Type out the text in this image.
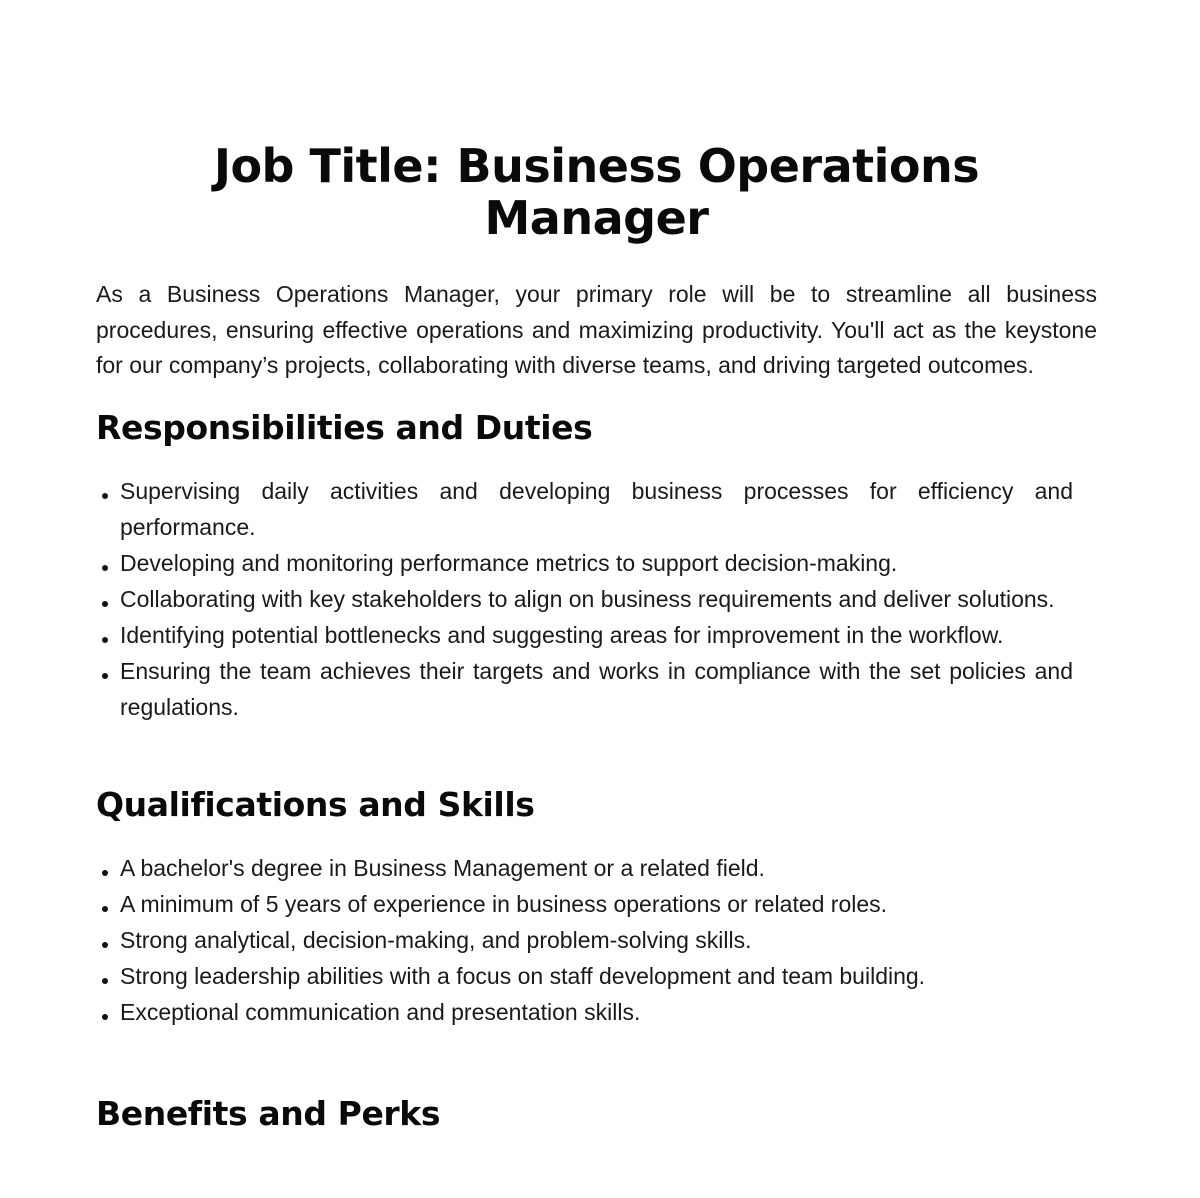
Job Title: Business Operations Manager

As a Business Operations Manager, your primary role will be to streamline all business procedures, ensuring effective operations and maximizing productivity. You'll act as the keystone for our company’s projects, collaborating with diverse teams, and driving targeted outcomes.

Responsibilities and Duties
Supervising daily activities and developing business processes for efficiency and performance.
Developing and monitoring performance metrics to support decision-making.
Collaborating with key stakeholders to align on business requirements and deliver solutions.
Identifying potential bottlenecks and suggesting areas for improvement in the workflow.
Ensuring the team achieves their targets and works in compliance with the set policies and regulations.
Qualifications and Skills
A bachelor's degree in Business Management or a related field.
A minimum of 5 years of experience in business operations or related roles.
Strong analytical, decision-making, and problem-solving skills.
Strong leadership abilities with a focus on staff development and team building.
Exceptional communication and presentation skills.
Benefits and Perks
